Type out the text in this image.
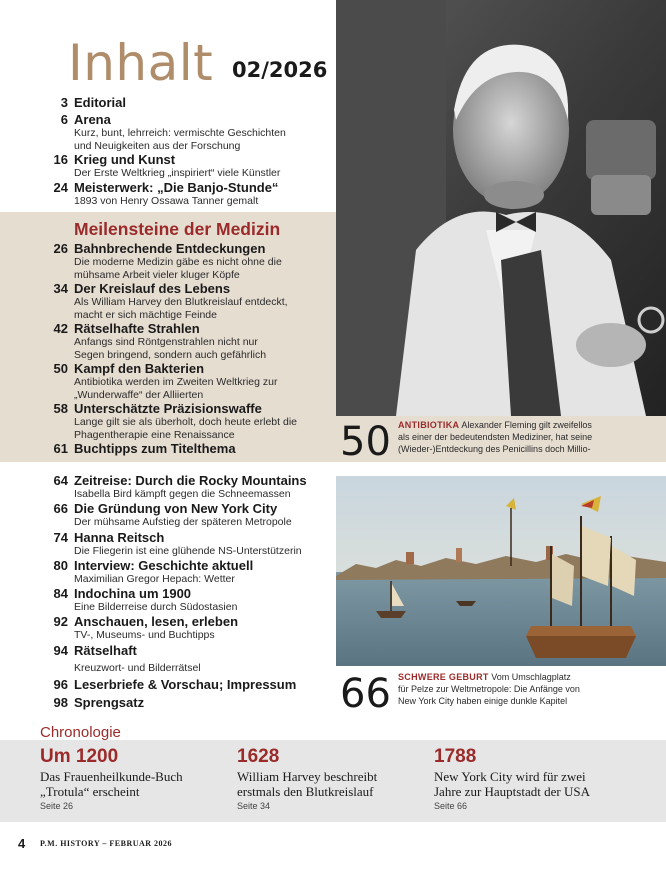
Inhalt 02/2026
3 Editorial
6 Arena
Kurz, bunt, lehrreich: vermischte Geschichten
und Neuigkeiten aus der Forschung
16 Krieg und Kunst
Der Erste Weltkrieg „inspiriert“ viele Künstler
24 Meisterwerk: „Die Banjo-Stunde“
1893 von Henry Ossawa Tanner gemalt
Meilensteine der Medizin
26 Bahnbrechende Entdeckungen
Die moderne Medizin gäbe es nicht ohne die
mühsame Arbeit vieler kluger Köpfe
34 Der Kreislauf des Lebens
Als William Harvey den Blutkreislauf entdeckt,
macht er sich mächtige Feinde
42 Rätselhafte Strahlen
Anfangs sind Röntgenstrahlen nicht nur
Segen bringend, sondern auch gefährlich
50 Kampf den Bakterien
Antibiotika werden im Zweiten Weltkrieg zur
„Wunderwaffe“ der Alliierten
58 Unterschätzte Präzisionswaffe
Lange gilt sie als überholt, doch heute erlebt die
Phagentherapie eine Renaissance
61 Buchtipps zum Titelthema	50 ANTIBIOTIKA Alexander Fleming gilt zweifellos
als einer der bedeutendsten Mediziner, hat seine
(Wieder-)Entdeckung des Penicillins doch Millio-
64 Zeitreise: Durch die Rocky Mountains
Isabella Bird kämpft gegen die Schneemassen
66 Die Gründung von New York City
Der mühsame Aufstieg der späteren Metropole
74 Hanna Reitsch
Die Fliegerin ist eine glühende NS-Unterstützerin
80 Interview: Geschichte aktuell
Maximilian Gregor Hepach: Wetter
84 Indochina um 1900
Eine Bilderreise durch Südostasien
92 Anschauen, lesen, erleben
TV-, Museums- und Buchtipps
94 Rätselhaft
Kreuzwort- und Bilderrätsel
96 Leserbriefe & Vorschau; Impressum
98 Sprengsatz	66 SCHWERE GEBURT Vom Umschlagplatz
für Pelze zur Weltmetropole: Die Anfänge von
New York City haben einige dunkle Kapitel
Chronologie
Um 1200
Das Frauenheilkunde-Buch
„Trotula“ erscheint
Seite 26
1628
William Harvey beschreibt
erstmals den Blutkreislauf
Seite 34
1788
New York City wird für zwei
Jahre zur Hauptstadt der USA
Seite 66
4 P.M. HISTORY – FEBRUAR 2026
